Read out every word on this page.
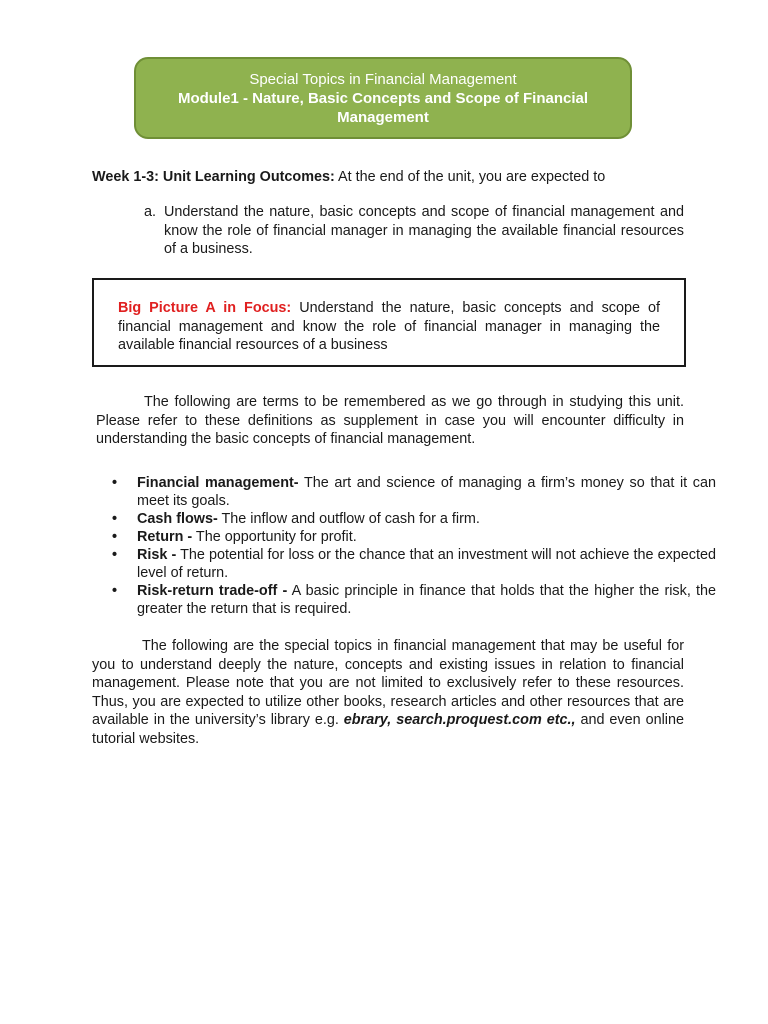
Special Topics in Financial Management
Module1 - Nature, Basic Concepts and Scope of Financial Management
Week 1-3: Unit Learning Outcomes: At the end of the unit, you are expected to
a. Understand the nature, basic concepts and scope of financial management and know the role of financial manager in managing the available financial resources of a business.
Big Picture A in Focus: Understand the nature, basic concepts and scope of financial management and know the role of financial manager in managing the available financial resources of a business
The following are terms to be remembered as we go through in studying this unit. Please refer to these definitions as supplement in case you will encounter difficulty in understanding the basic concepts of financial management.
• Financial management- The art and science of managing a firm’s money so that it can meet its goals.
• Cash flows- The inflow and outflow of cash for a firm.
• Return - The opportunity for profit.
• Risk - The potential for loss or the chance that an investment will not achieve the expected level of return.
• Risk-return trade-off - A basic principle in finance that holds that the higher the risk, the greater the return that is required.
The following are the special topics in financial management that may be useful for you to understand deeply the nature, concepts and existing issues in relation to financial management. Please note that you are not limited to exclusively refer to these resources. Thus, you are expected to utilize other books, research articles and other resources that are available in the university’s library e.g. ebrary, search.proquest.com etc., and even online tutorial websites.
